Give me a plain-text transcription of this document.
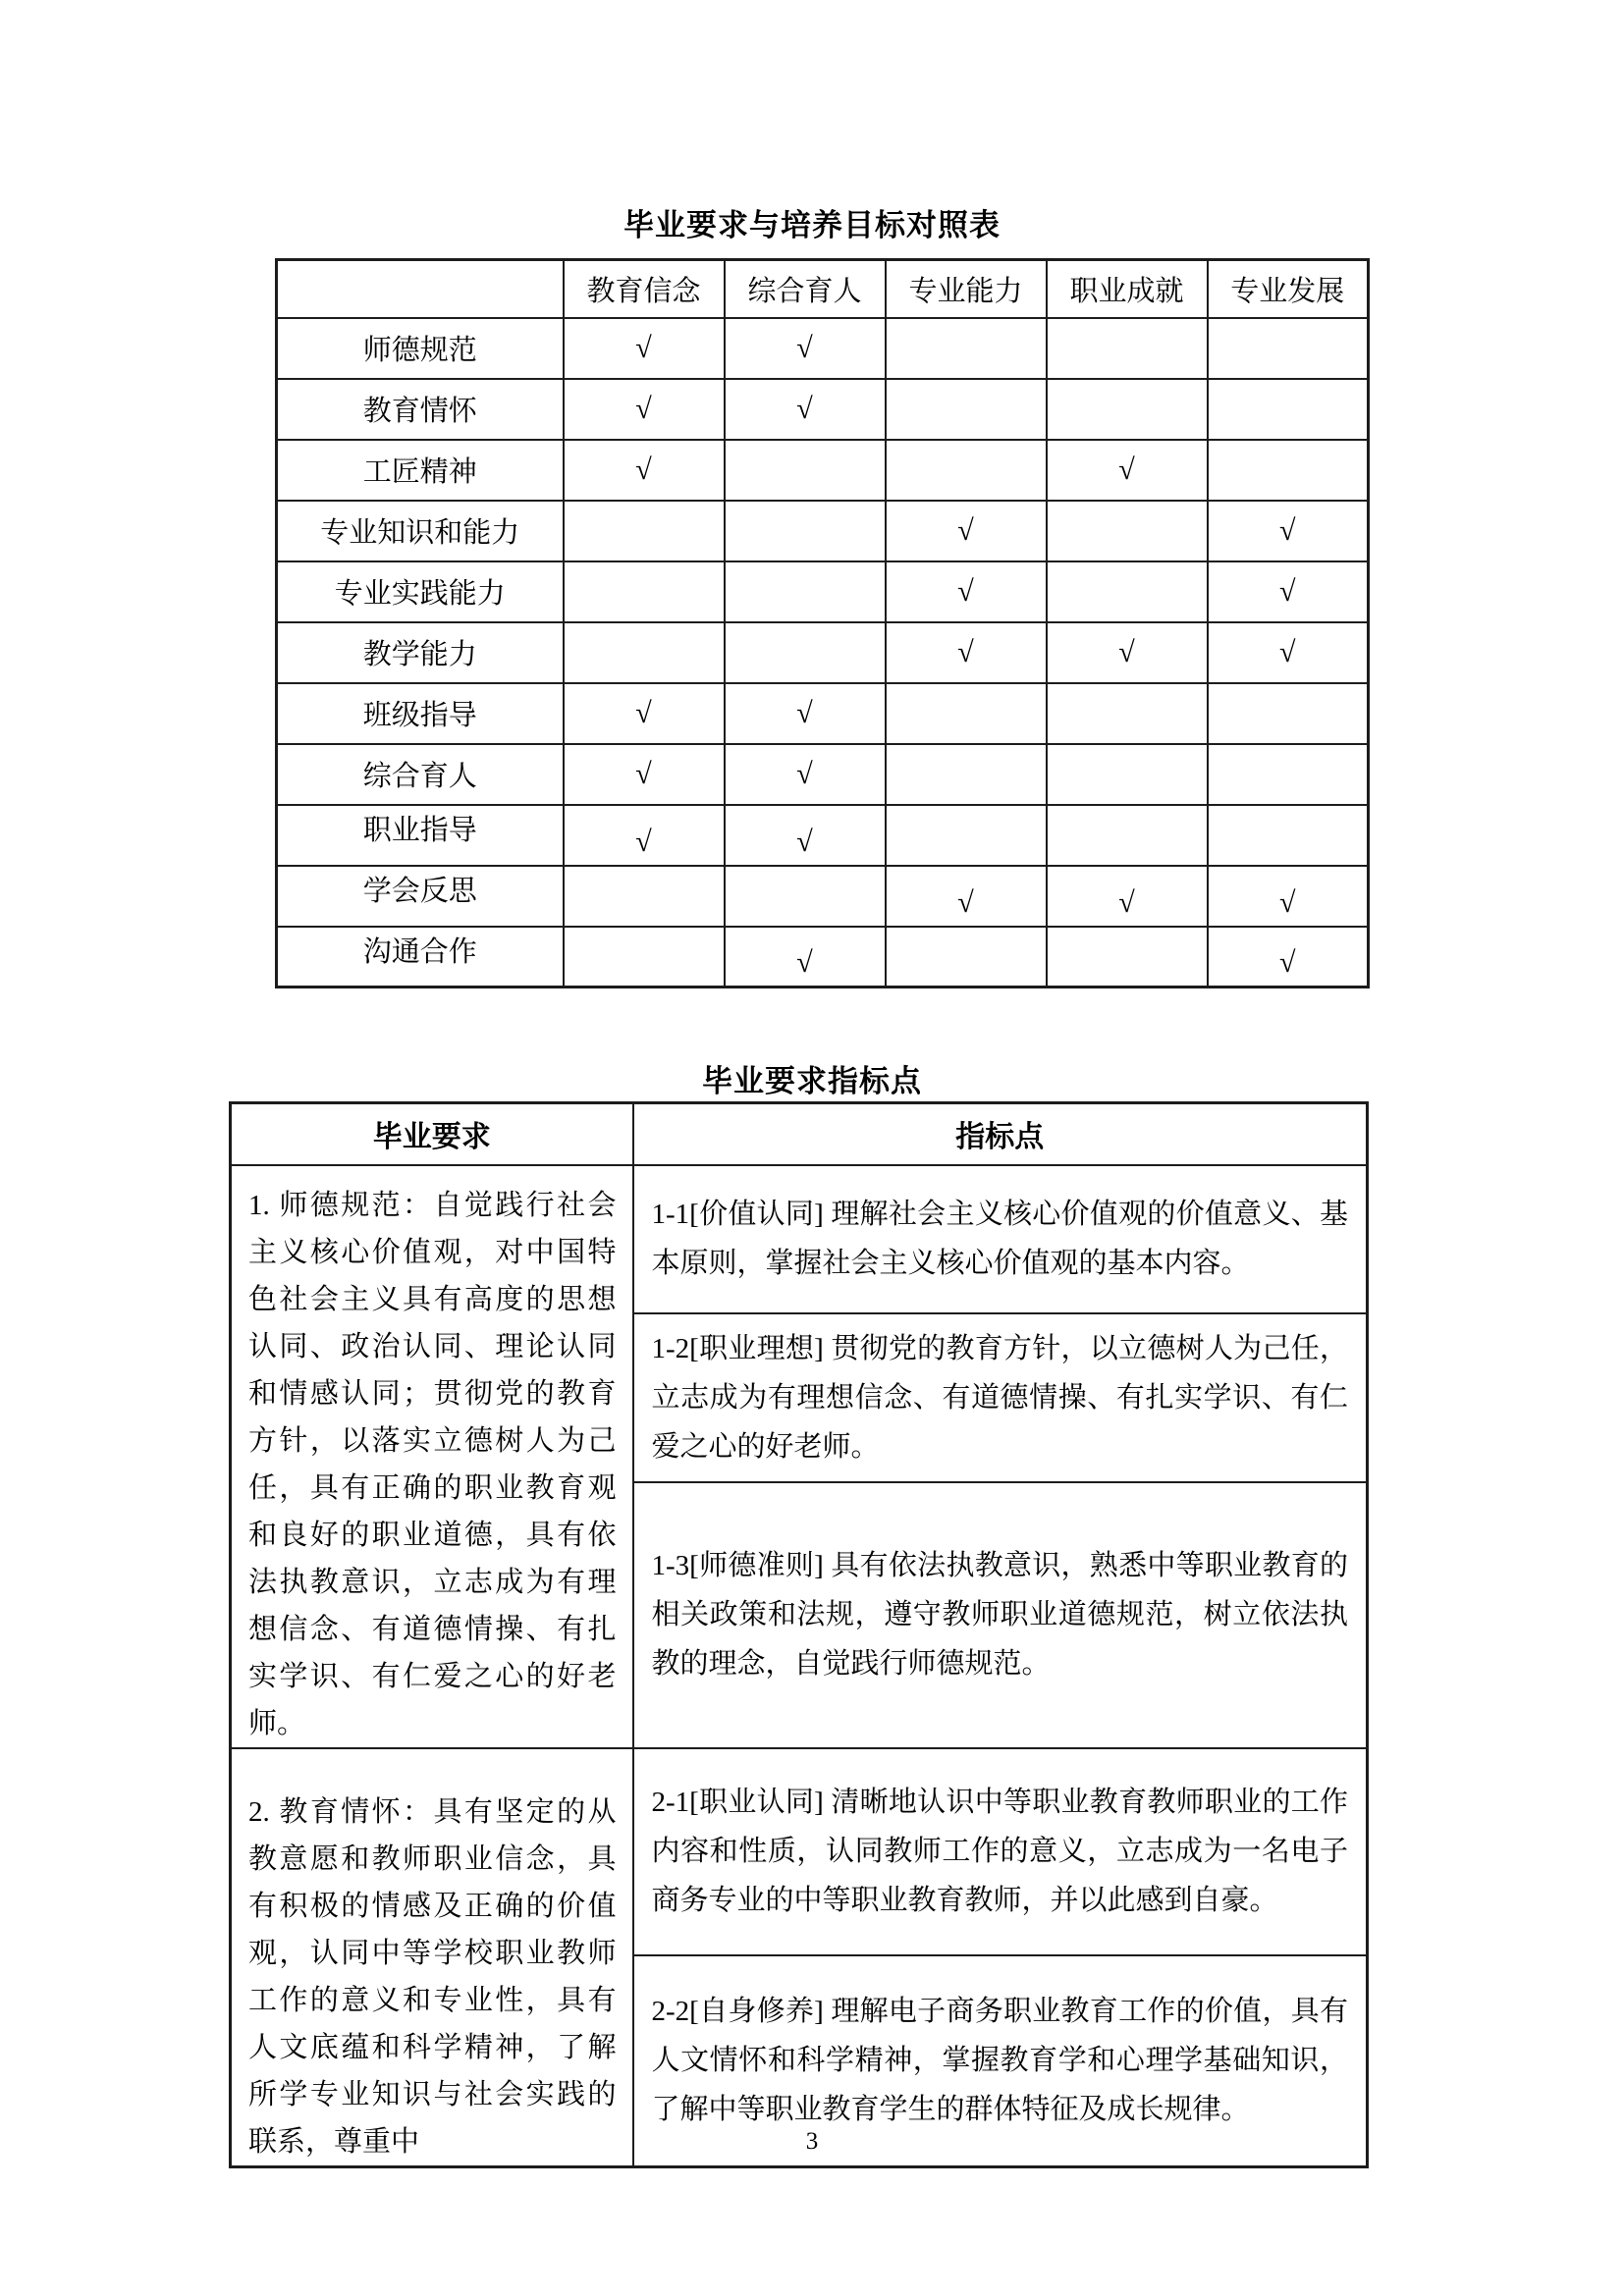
毕业要求与培养目标对照表
	教育信念	综合育人	专业能力	职业成就	专业发展
师德规范	√	√			
教育情怀	√	√			
工匠精神	√			√	
专业知识和能力			√		√
专业实践能力			√		√
教学能力			√	√	√
班级指导	√	√			
综合育人	√	√			
职业指导	√	√			
学会反思			√	√	√
沟通合作		√			√
毕业要求指标点
毕业要求	指标点
1. 师德规范：自觉践行社会主义核心价值观，对中国特色社会主义具有高度的思想认同、政治认同、理论认同和情感认同；贯彻党的教育方针，以落实立德树人为己任，具有正确的职业教育观和良好的职业道德，具有依法执教意识，立志成为有理想信念、有道德情操、有扎实学识、有仁爱之心的好老师。	1-1[价值认同] 理解社会主义核心价值观的价值意义、基本原则，掌握社会主义核心价值观的基本内容。
	1-2[职业理想] 贯彻党的教育方针，以立德树人为己任，立志成为有理想信念、有道德情操、有扎实学识、有仁爱之心的好老师。
	1-3[师德准则] 具有依法执教意识，熟悉中等职业教育的相关政策和法规，遵守教师职业道德规范，树立依法执教的理念，自觉践行师德规范。
2. 教育情怀：具有坚定的从教意愿和教师职业信念，具有积极的情感及正确的价值观，认同中等学校职业教师工作的意义和专业性，具有人文底蕴和科学精神，了解所学专业知识与社会实践的联系，尊重中	2-1[职业认同] 清晰地认识中等职业教育教师职业的工作内容和性质，认同教师工作的意义，立志成为一名电子商务专业的中等职业教育教师，并以此感到自豪。
	2-2[自身修养] 理解电子商务职业教育工作的价值，具有人文情怀和科学精神，掌握教育学和心理学基础知识，了解中等职业教育学生的群体特征及成长规律。
3
